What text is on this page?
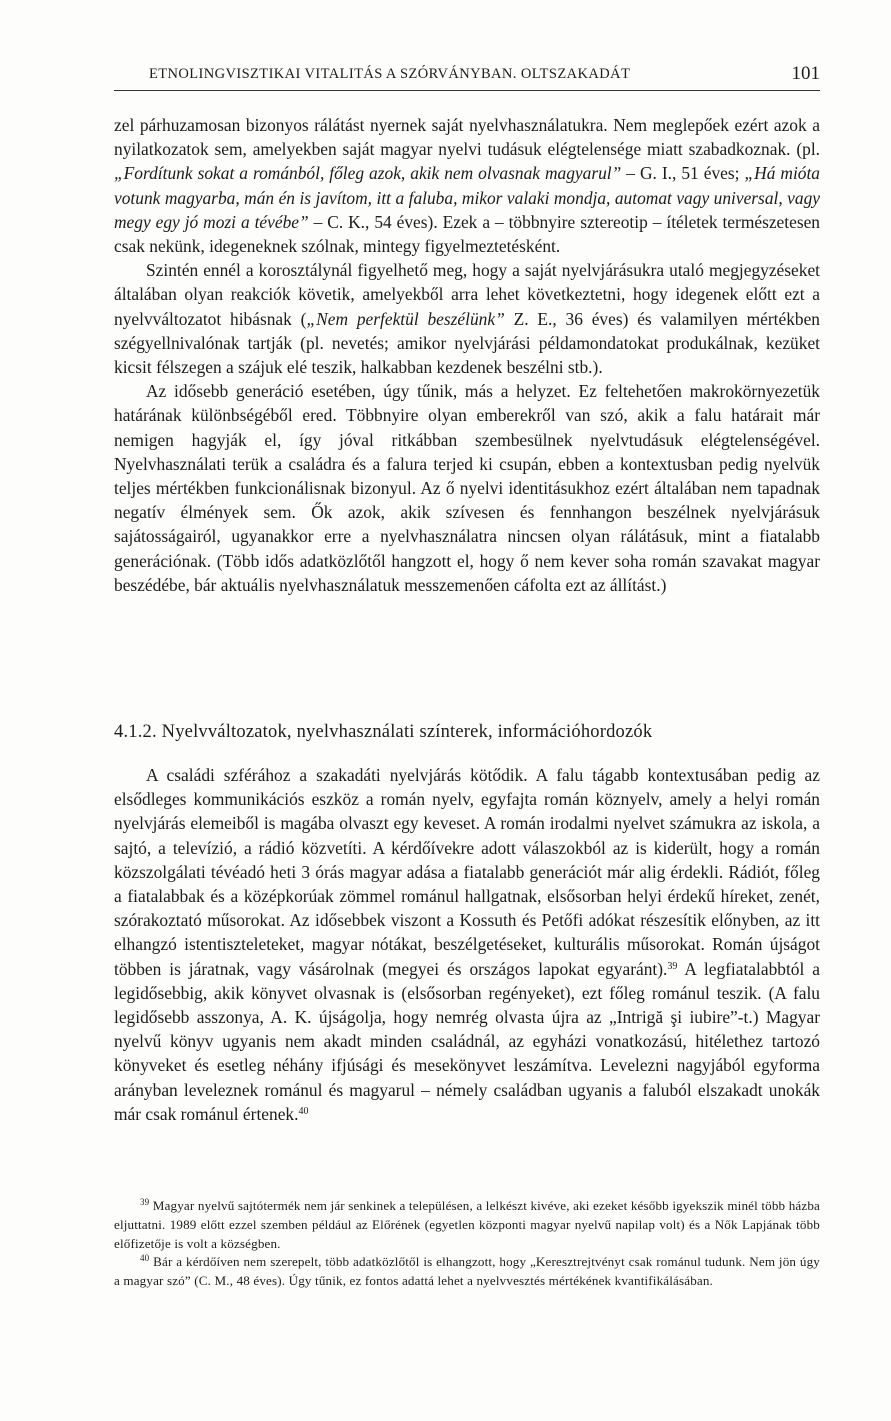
ETNOLINGVISZTIKAI VITALITÁS A SZÓRVÁNYBAN. OLTSZAKADÁT	101

zel párhuzamosan bizonyos rálátást nyernek saját nyelvhasználatukra. Nem meglepőek ezért azok a nyilatkozatok sem, amelyekben saját magyar nyelvi tudásuk elégtelensége miatt szabadkoznak. (pl. „Fordítunk sokat a románból, főleg azok, akik nem olvasnak magyarul” – G. I., 51 éves; „Há mióta votunk magyarba, mán én is javítom, itt a faluba, mikor valaki mondja, automat vagy universal, vagy megy egy jó mozi a tévébe” – C. K., 54 éves). Ezek a – többnyire sztereotip – ítéletek természetesen csak nekünk, idegeneknek szólnak, mintegy figyelmeztetésként.

Szintén ennél a korosztálynál figyelhető meg, hogy a saját nyelvjárásukra utaló megjegyzéseket általában olyan reakciók követik, amelyekből arra lehet következtetni, hogy idegenek előtt ezt a nyelvváltozatot hibásnak („Nem perfektül beszélünk” Z. E., 36 éves) és valamilyen mértékben szégyellnivalónak tartják (pl. nevetés; amikor nyelvjárási példamondatokat produkálnak, kezüket kicsit félszegen a szájuk elé teszik, halkabban kezdenek beszélni stb.).

Az idősebb generáció esetében, úgy tűnik, más a helyzet. Ez feltehetően makrokörnyezetük határának különbségéből ered. Többnyire olyan emberekről van szó, akik a falu határait már nemigen hagyják el, így jóval ritkábban szembesülnek nyelvtudásuk elégtelenségével. Nyelvhasználati terük a családra és a falura terjed ki csupán, ebben a kontextusban pedig nyelvük teljes mértékben funkcionálisnak bizonyul. Az ő nyelvi identitásukhoz ezért általában nem tapadnak negatív élmények sem. Ők azok, akik szívesen és fennhangon beszélnek nyelvjárásuk sajátosságairól, ugyanakkor erre a nyelvhasználatra nincsen olyan rálátásuk, mint a fiatalabb generációnak. (Több idős adatközlőtől hangzott el, hogy ő nem kever soha román szavakat magyar beszédébe, bár aktuális nyelvhasználatuk messzemenően cáfolta ezt az állítást.)

4.1.2. Nyelvváltozatok, nyelvhasználati színterek, információhordozók

A családi szférához a szakadáti nyelvjárás kötődik. A falu tágabb kontextusában pedig az elsődleges kommunikációs eszköz a román nyelv, egyfajta román köznyelv, amely a helyi román nyelvjárás elemeiből is magába olvaszt egy keveset. A román irodalmi nyelvet számukra az iskola, a sajtó, a televízió, a rádió közvetíti. A kérdőívekre adott válaszokból az is kiderült, hogy a román közszolgálati tévéadó heti 3 órás magyar adása a fiatalabb generációt már alig érdekli. Rádiót, főleg a fiatalabbak és a középkorúak zömmel románul hallgatnak, elsősorban helyi érdekű híreket, zenét, szórakoztató műsorokat. Az idősebbek viszont a Kossuth és Petőfi adókat részesítik előnyben, az itt elhangzó istentiszteleteket, magyar nótákat, beszélgetéseket, kulturális műsorokat. Román újságot többen is járatnak, vagy vásárolnak (megyei és országos lapokat egyaránt).$^{39}$ A legfiatalabbtól a legidősebbig, akik könyvet olvasnak is (elsősorban regényeket), ezt főleg románul teszik. (A falu legidősebb asszonya, A. K. újságolja, hogy nemrég olvasta újra az „Intrigă şi iubire”-t.) Magyar nyelvű könyv ugyanis nem akadt minden családnál, az egyházi vonatkozású, hitélethez tartozó könyveket és esetleg néhány ifjúsági és mesekönyvet leszámítva. Levelezni nagyjából egyforma arányban leveleznek románul és magyarul – némely családban ugyanis a faluból elszakadt unokák már csak románul értenek.$^{40}$

$^{39}$ Magyar nyelvű sajtótermék nem jár senkinek a településen, a lelkészt kivéve, aki ezeket később igyekszik minél több házba eljuttatni. 1989 előtt ezzel szemben például az Előrének (egyetlen központi magyar nyelvű napilap volt) és a Nők Lapjának több előfizetője is volt a községben.

$^{40}$ Bár a kérdőíven nem szerepelt, több adatközlőtől is elhangzott, hogy „Keresztrejtvényt csak románul tudunk. Nem jön úgy a magyar szó” (C. M., 48 éves). Úgy tűnik, ez fontos adattá lehet a nyelvvesztés mértékének kvantifikálásában.
